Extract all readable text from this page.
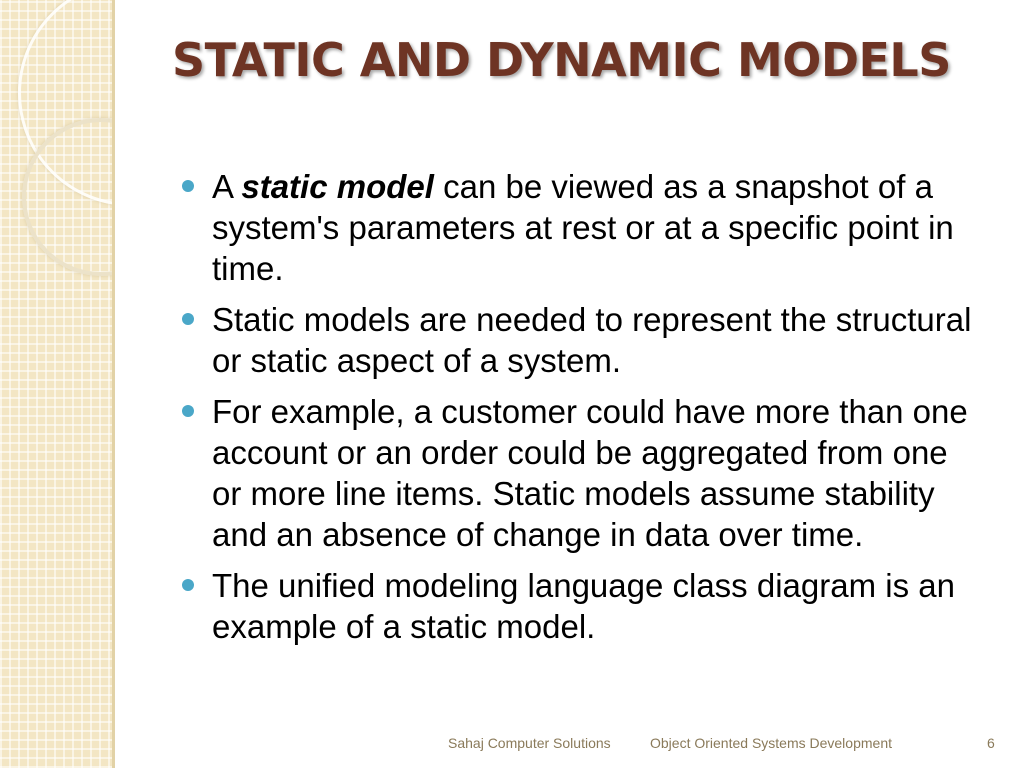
STATIC AND DYNAMIC MODELS
A static model can be viewed as a snapshot of a system's parameters at rest or at a specific point in time.
Static models are needed to represent the structural or static aspect of a system.
For example, a customer could have more than one account or an order could be aggregated from one or more line items. Static models assume stability and an absence of change in data over time.
The unified modeling language class diagram is an example of a static model.
Sahaj Computer Solutions	Object Oriented Systems Development	6
